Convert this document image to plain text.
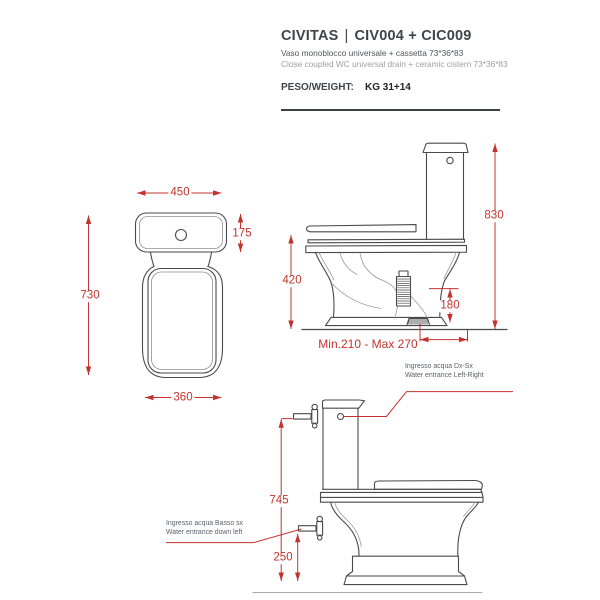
CIVITAS | CIV004 + CIC009
Vaso monoblocco universale + cassetta 73*36*83
Close coupled WC universal drain + ceramic cistern 73*36*83
PESO/WEIGHT: KG 31+14
450
175
730
360
830
420
180
Min.210 - Max 270
745
250
Ingresso acqua Dx-Sx
Water entrance Left-Right
Ingresso acqua Basso sx
Water entrance down left
